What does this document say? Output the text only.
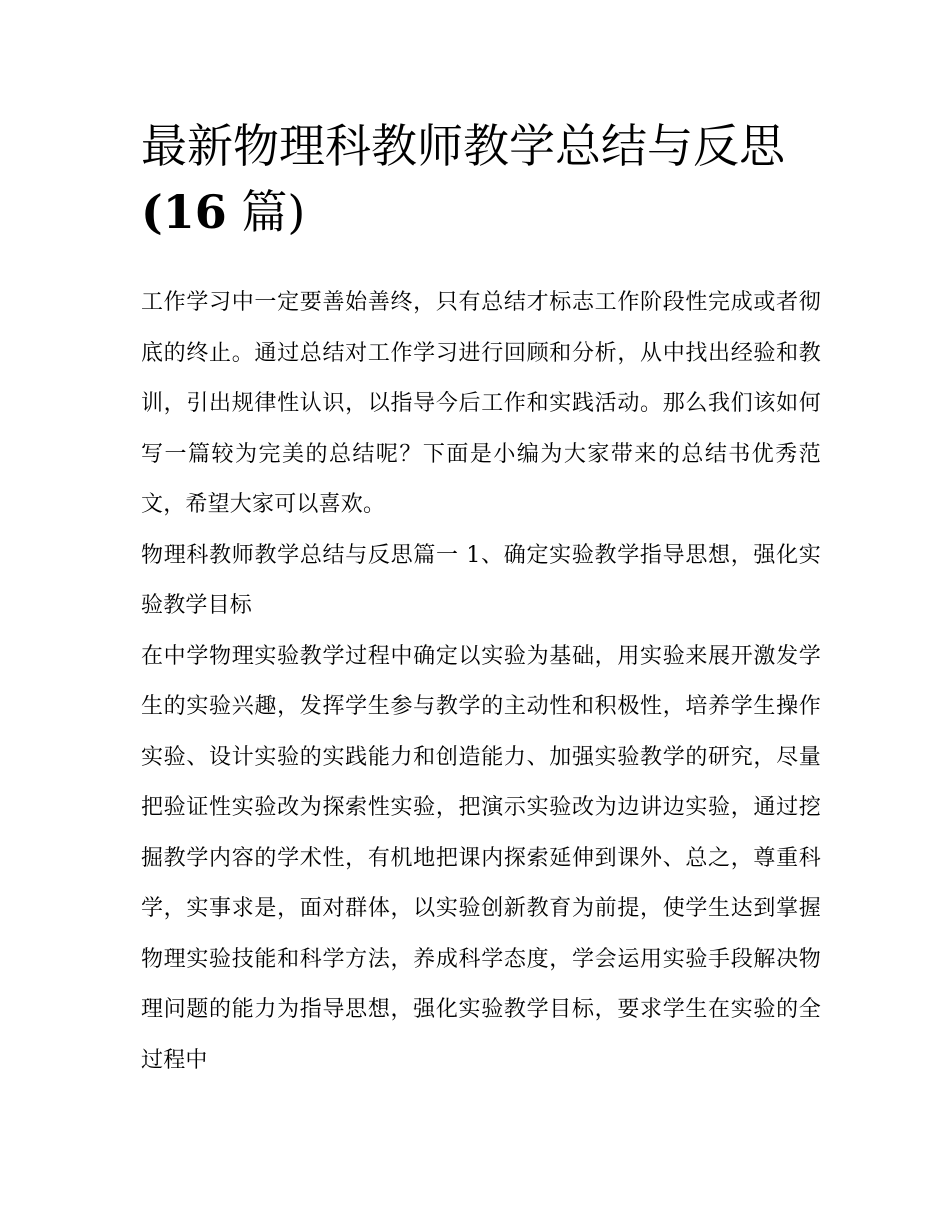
最新物理科教师教学总结与反思(16 篇)

工作学习中一定要善始善终，只有总结才标志工作阶段性完成或者彻底的终止。通过总结对工作学习进行回顾和分析，从中找出经验和教训，引出规律性认识，以指导今后工作和实践活动。那么我们该如何写一篇较为完美的总结呢？下面是小编为大家带来的总结书优秀范文，希望大家可以喜欢。

物理科教师教学总结与反思篇一 1、确定实验教学指导思想，强化实验教学目标

在中学物理实验教学过程中确定以实验为基础，用实验来展开激发学生的实验兴趣，发挥学生参与教学的主动性和积极性，培养学生操作实验、设计实验的实践能力和创造能力、加强实验教学的研究，尽量把验证性实验改为探索性实验，把演示实验改为边讲边实验，通过挖掘教学内容的学术性，有机地把课内探索延伸到课外、总之，尊重科学，实事求是，面对群体，以实验创新教育为前提，使学生达到掌握物理实验技能和科学方法，养成科学态度，学会运用实验手段解决物理问题的能力为指导思想，强化实验教学目标，要求学生在实验的全过程中
